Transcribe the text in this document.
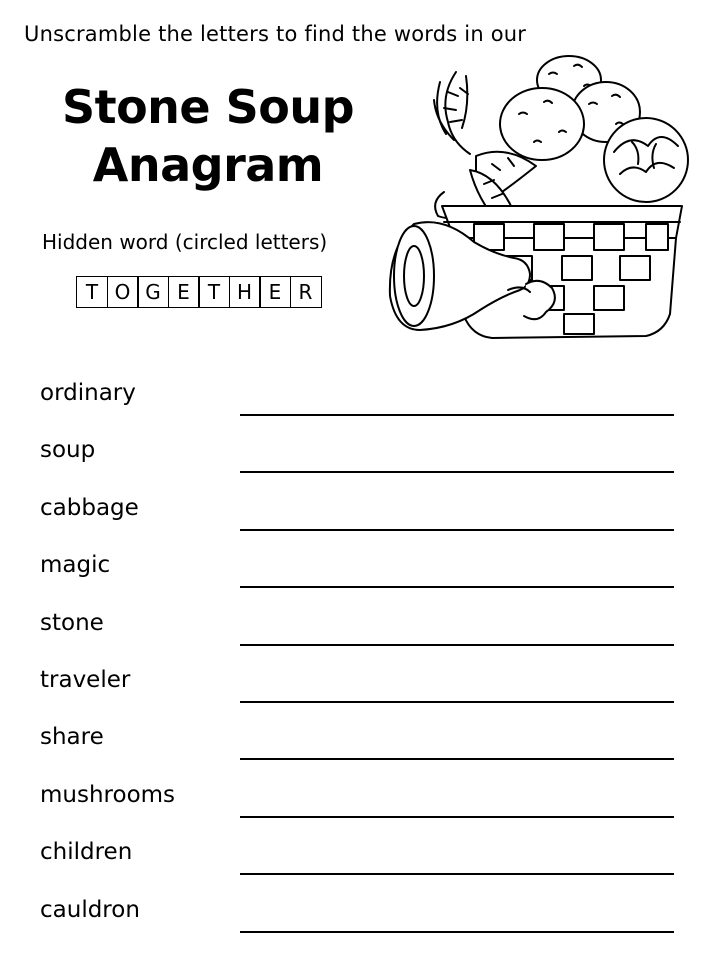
Unscramble the letters to find the words in our
Stone Soup
Anagram
Hidden word (circled letters)
T O G E T H E R
ordinary
soup
cabbage
magic
stone
traveler
share
mushrooms
children
cauldron
